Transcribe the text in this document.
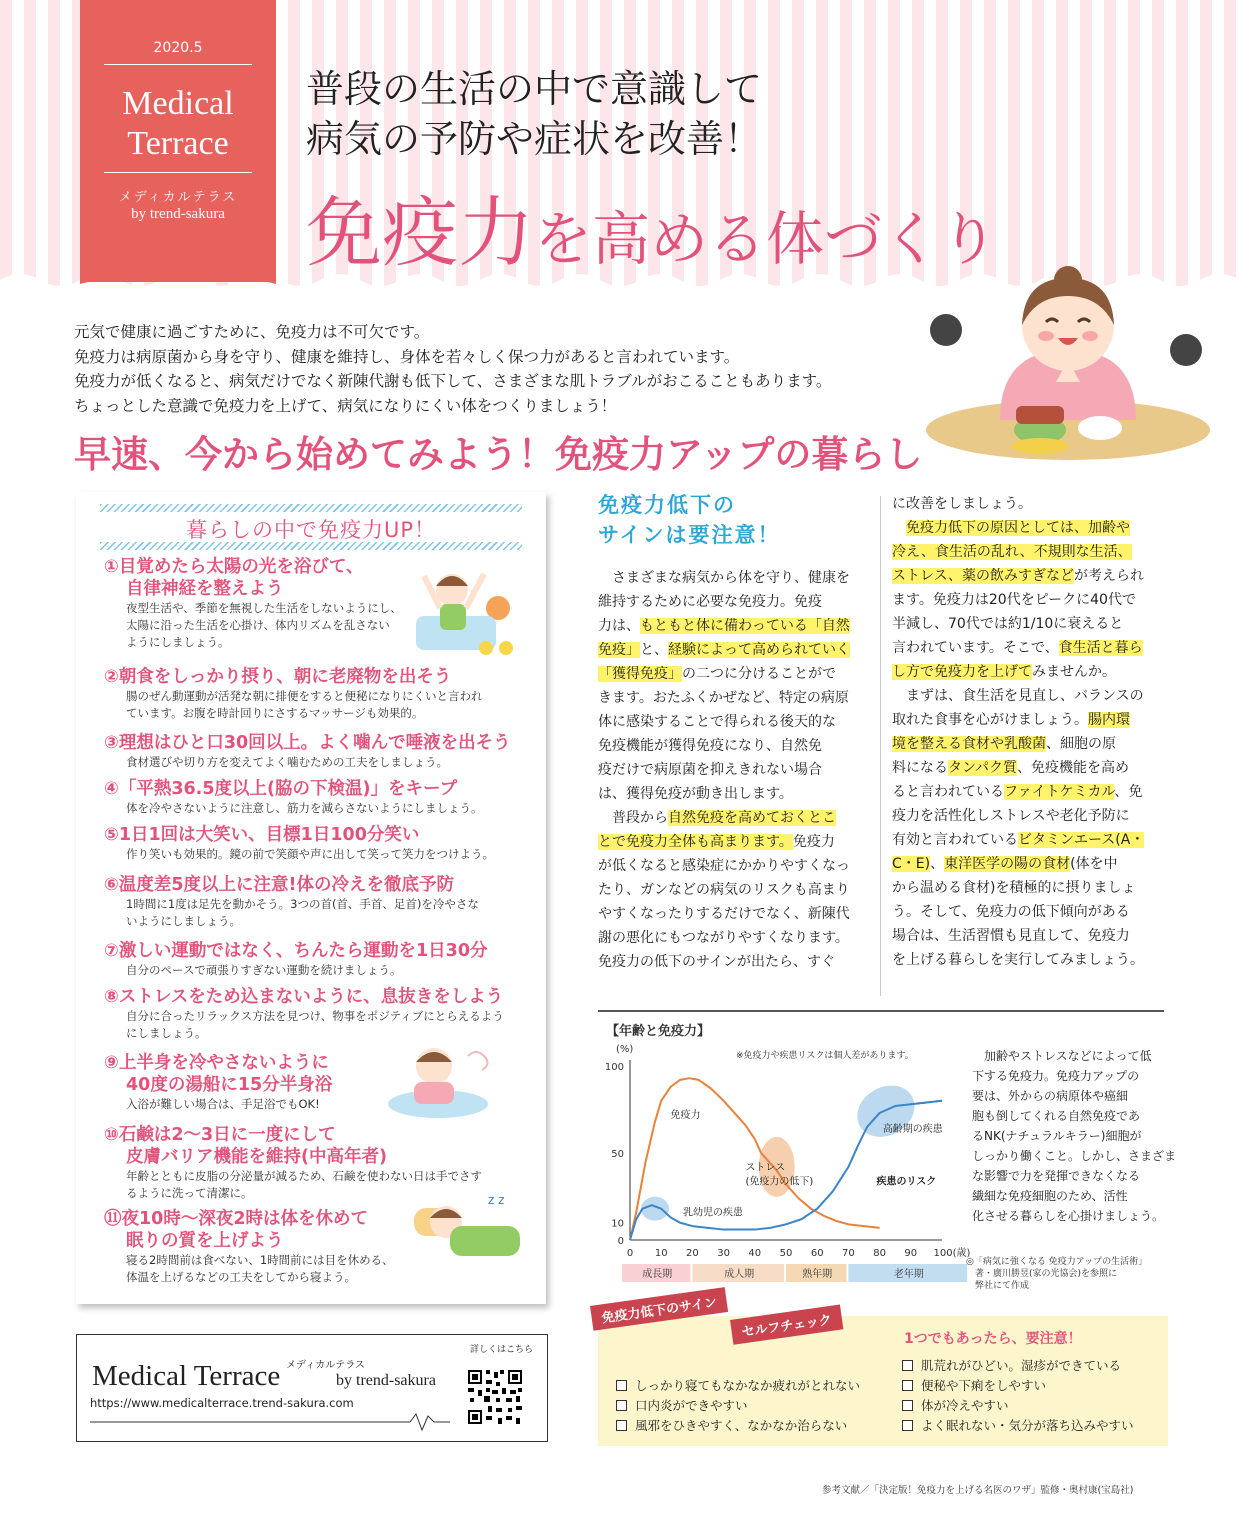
2020.5
Medical
Terrace
メディカルテラス
by trend-sakura
普段の生活の中で意識して
病気の予防や症状を改善！
免疫力を高める体づくり
元気で健康に過ごすために、免疫力は不可欠です。
免疫力は病原菌から身を守り、健康を維持し、身体を若々しく保つ力があると言われています。
免疫力が低くなると、病気だけでなく新陳代謝も低下して、さまざまな肌トラブルがおこることもあります。
ちょっとした意識で免疫力を上げて、病気になりにくい体をつくりましょう！
早速、今から始めてみよう！免疫力アップの暮らし
暮らしの中で免疫力UP！
①目覚めたら太陽の光を浴びて、
自律神経を整えよう
夜型生活や、季節を無視した生活をしないようにし、
太陽に沿った生活を心掛け、体内リズムを乱さない
ようにしましょう。
②朝食をしっかり摂り、朝に老廃物を出そう
腸のぜん動運動が活発な朝に排便をすると便秘になりにくいと言われ
ています。お腹を時計回りにさするマッサージも効果的。
③理想はひと口30回以上。よく噛んで唾液を出そう
食材選びや切り方を変えてよく噛むための工夫をしましょう。
④「平熱36.5度以上(脇の下検温)」をキープ
体を冷やさないように注意し、筋力を減らさないようにしましょう。
⑤1日1回は大笑い、目標1日100分笑い
作り笑いも効果的。鏡の前で笑顔や声に出して笑って笑力をつけよう。
⑥温度差5度以上に注意!体の冷えを徹底予防
1時間に1度は足先を動かそう。3つの首(首、手首、足首)を冷やさな
いようにしましょう。
⑦激しい運動ではなく、ちんたら運動を1日30分
自分のペースで頑張りすぎない運動を続けましょう。
⑧ストレスをため込まないように、息抜きをしよう
自分に合ったリラックス方法を見つけ、物事をポジティブにとらえるよう
にしましょう。
⑨上半身を冷やさないように
40度の湯船に15分半身浴
入浴が難しい場合は、手足浴でもOK!
⑩石鹸は2～3日に一度にして
皮膚バリア機能を維持(中高年者)
年齢とともに皮脂の分泌量が減るため、石鹸を使わない日は手でさす
るように洗って清潔に。
⑪夜10時～深夜2時は体を休めて
眠りの質を上げよう
寝る2時間前は食べない、1時間前には目を休める、
体温を上げるなどの工夫をしてから寝よう。
z z
免疫力低下の
サインは要注意！
　さまざまな病気から体を守り、健康を
維持するために必要な免疫力。免疫
力は、もともと体に備わっている「自然
免疫」と、経験によって高められていく
「獲得免疫」の二つに分けることがで
きます。おたふくかぜなど、特定の病原
体に感染することで得られる後天的な
免疫機能が獲得免疫になり、自然免
疫だけで病原菌を抑えきれない場合
は、獲得免疫が動き出します。
　普段から自然免疫を高めておくとこ
とで免疫力全体も高まります。免疫力
が低くなると感染症にかかりやすくなっ
たり、ガンなどの病気のリスクも高まり
やすくなったりするだけでなく、新陳代
謝の悪化にもつながりやすくなります。
免疫力の低下のサインが出たら、すぐ
に改善をしましょう。
　免疫力低下の原因としては、加齢や
冷え、食生活の乱れ、不規則な生活、
ストレス、薬の飲みすぎなどが考えられ
ます。免疫力は20代をピークに40代で
半減し、70代では約1/10に衰えると
言われています。そこで、食生活と暮ら
し方で免疫力を上げてみませんか。
　まずは、食生活を見直し、バランスの
取れた食事を心がけましょう。腸内環
境を整える食材や乳酸菌、細胞の原
料になるタンパク質、免疫機能を高め
ると言われているファイトケミカル、免
疫力を活性化しストレスや老化予防に
有効と言われているビタミンエース(A・
C・E)、東洋医学の陽の食材(体を中
から温める食材)を積極的に摂りましょ
う。そして、免疫力の低下傾向がある
場合は、生活習慣も見直して、免疫力
を上げる暮らしを実行してみましょう。
【年齢と免疫力】
(%)
※免疫力や疾患リスクは個人差があります。
100
50
10
0
0 10 20 30 40 50 60 70 80 90 100(歳)
免疫力
ストレス
(免疫力の低下)	疾患のリスク
高齢期の疾患
乳幼児の疾患
成長期	成人期	熟年期	老年期
　加齢やストレスなどによって低
下する免疫力。免疫力アップの
要は、外からの病原体や癌細
胞も倒してくれる自然免疫であ
るNK(ナチュラルキラー)細胞が
しっかり働くこと。しかし、さまざま
な影響で力を発揮できなくなる
繊細な免疫細胞のため、活性
化させる暮らしを心掛けましょう。
◎「病気に強くなる 免疫力アップの生活術」
　著・廣川勝昱(家の光協会)を参照に
　弊社にて作成
免疫力低下のサイン
セルフチェック	1つでもあったら、要注意！
しっかり寝てもなかなか疲れがとれない
口内炎ができやすい
風邪をひきやすく、なかなか治らない
肌荒れがひどい。湿疹ができている
便秘や下痢をしやすい
体が冷えやすい
よく眠れない・気分が落ち込みやすい
Medical Terrace メディカルテラス
by trend-sakura
https://www.medicalterrace.trend-sakura.com
詳しくはこちら
参考文献／「決定版！免疫力を上げる名医のワザ」監修・奥村康(宝島社)
